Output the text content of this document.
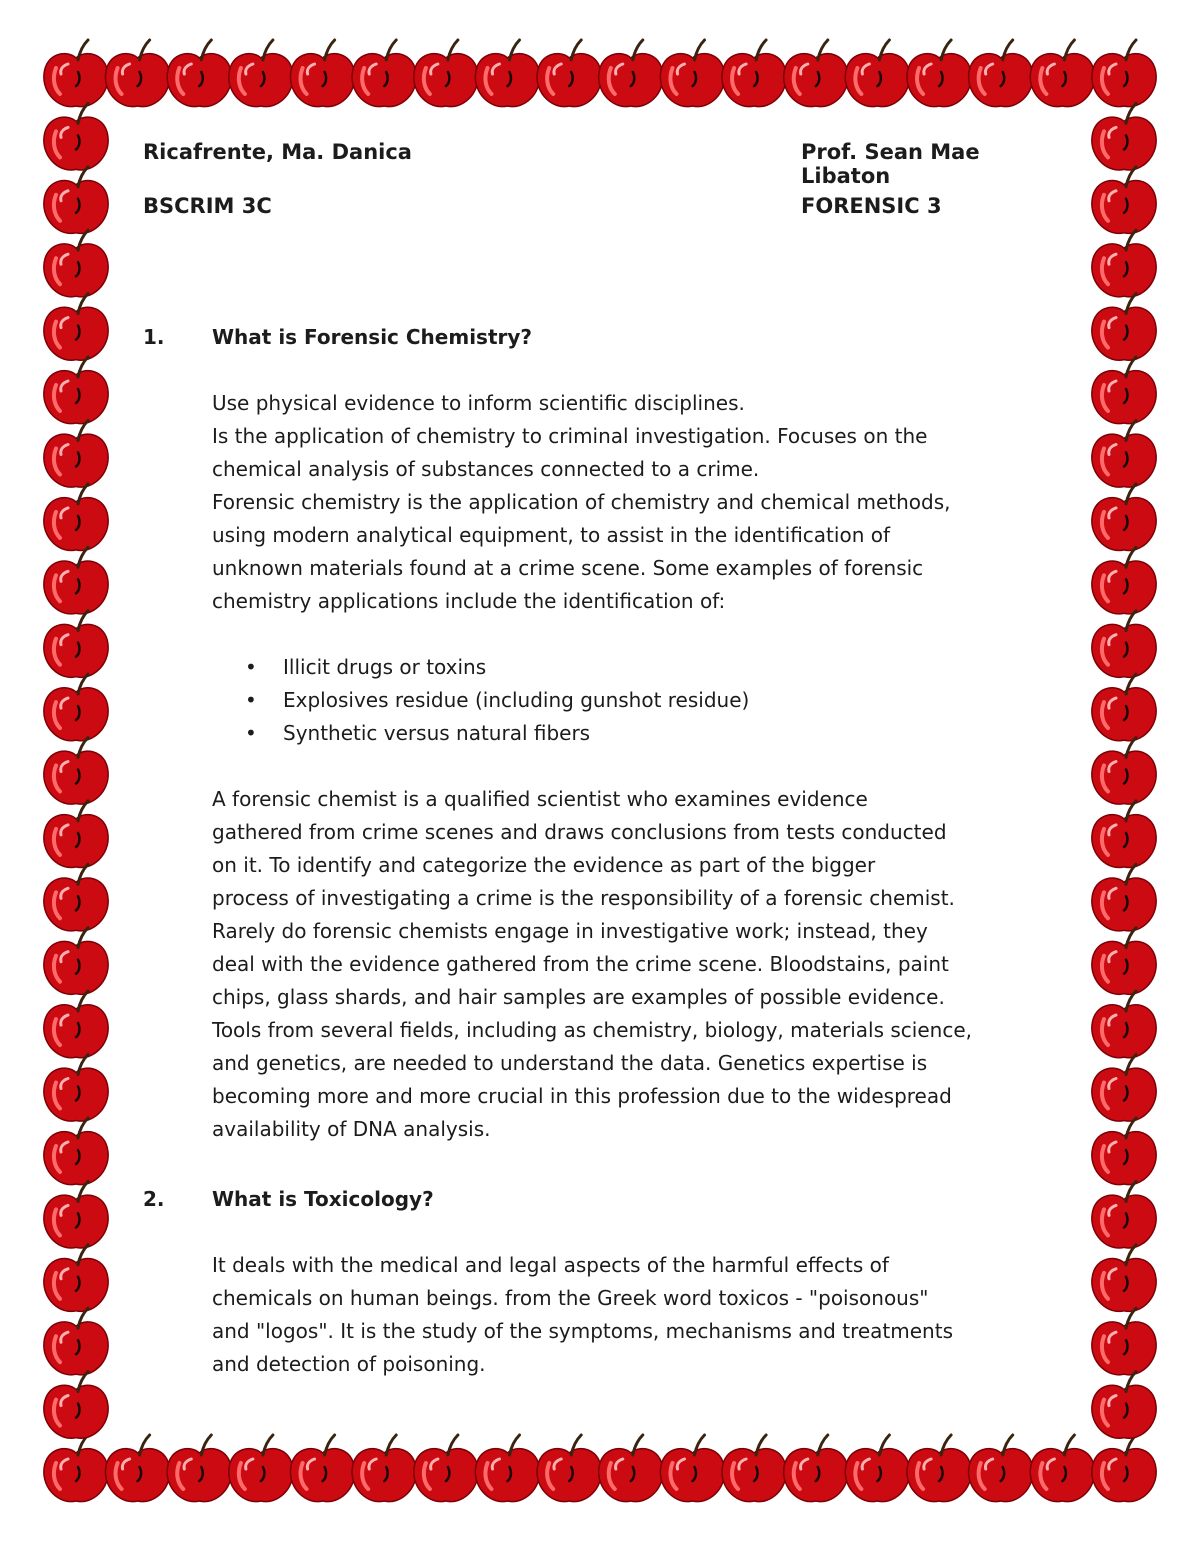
Ricafrente, Ma. Danica	Prof. Sean Mae Libaton
BSCRIM 3C	FORENSIC 3
1.	What is Forensic Chemistry?

Use physical evidence to inform scientific disciplines.

Is the application of chemistry to criminal investigation. Focuses on the

chemical analysis of substances connected to a crime.

Forensic chemistry is the application of chemistry and chemical methods,

using modern analytical equipment, to assist in the identification of

unknown materials found at a crime scene. Some examples of forensic

chemistry applications include the identification of:

• Illicit drugs or toxins
• Explosives residue (including gunshot residue)
• Synthetic versus natural fibers

A forensic chemist is a qualified scientist who examines evidence

gathered from crime scenes and draws conclusions from tests conducted

on it. To identify and categorize the evidence as part of the bigger

process of investigating a crime is the responsibility of a forensic chemist.

Rarely do forensic chemists engage in investigative work; instead, they

deal with the evidence gathered from the crime scene. Bloodstains, paint

chips, glass shards, and hair samples are examples of possible evidence.

Tools from several fields, including as chemistry, biology, materials science,

and genetics, are needed to understand the data. Genetics expertise is

becoming more and more crucial in this profession due to the widespread

availability of DNA analysis.

2.	What is Toxicology?

It deals with the medical and legal aspects of the harmful effects of

chemicals on human beings. from the Greek word toxicos - "poisonous"

and "logos". It is the study of the symptoms, mechanisms and treatments

and detection of poisoning.
